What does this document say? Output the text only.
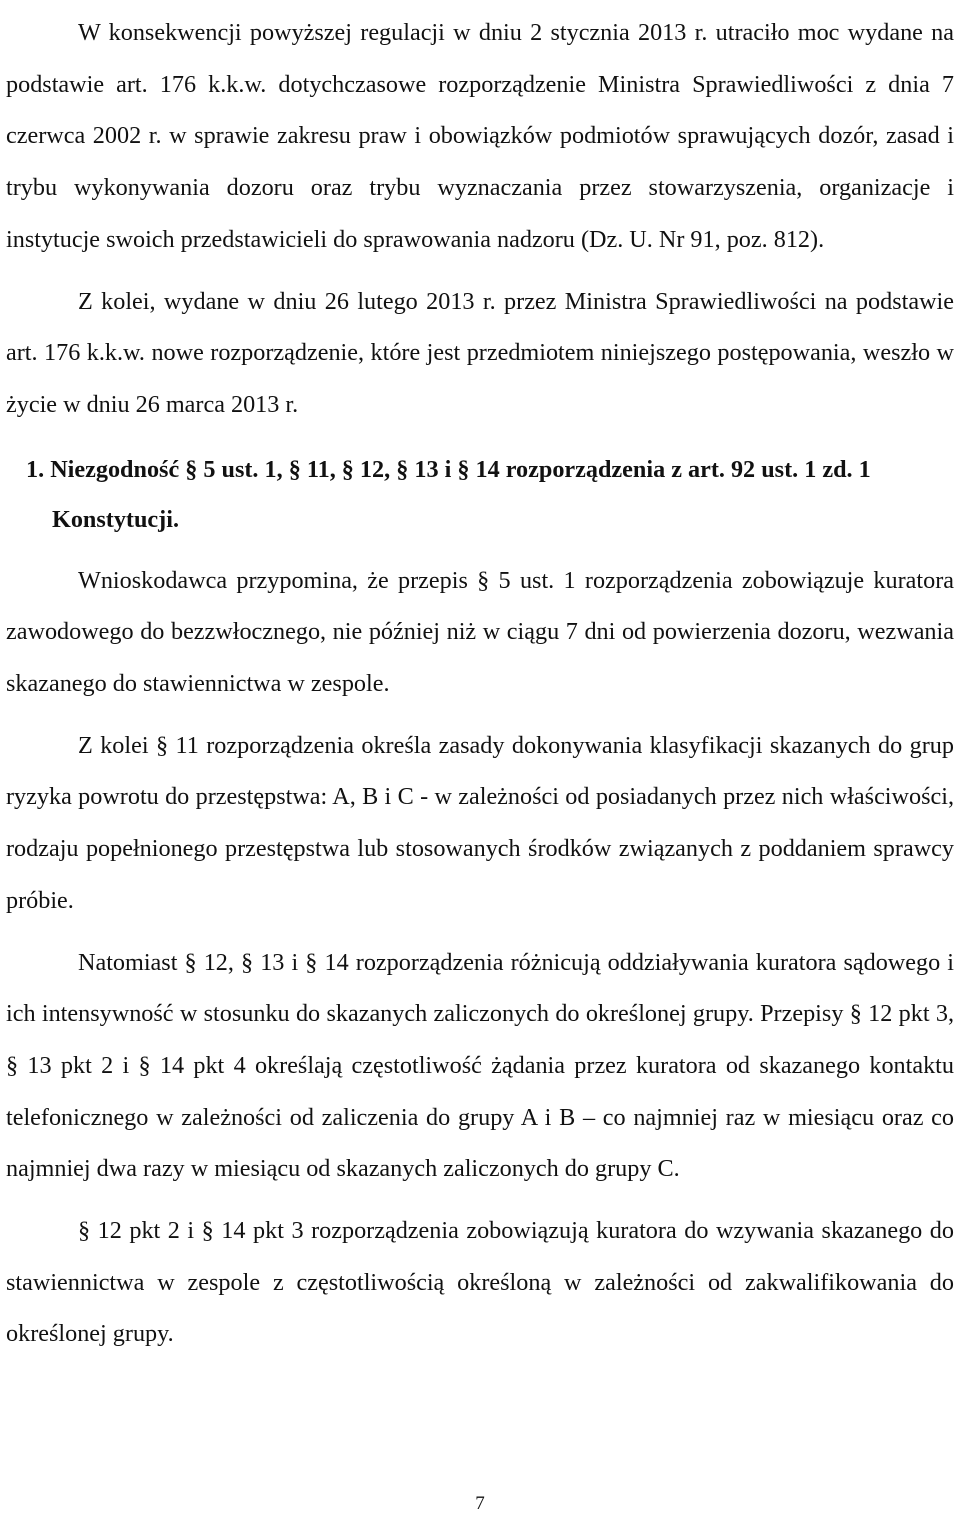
W konsekwencji powyższej regulacji w dniu 2 stycznia 2013 r. utraciło moc wydane na podstawie art. 176 k.k.w. dotychczasowe rozporządzenie Ministra Sprawiedliwości z dnia 7 czerwca 2002 r. w sprawie zakresu praw i obowiązków podmiotów sprawujących dozór, zasad i trybu wykonywania dozoru oraz trybu wyznaczania przez stowarzyszenia, organizacje i instytucje swoich przedstawicieli do sprawowania nadzoru (Dz. U. Nr 91, poz. 812).

Z kolei, wydane w dniu 26 lutego 2013 r. przez Ministra Sprawiedliwości na podstawie art. 176 k.k.w. nowe rozporządzenie, które jest przedmiotem niniejszego postępowania, weszło w życie w dniu 26 marca 2013 r.

1. Niezgodność § 5 ust. 1, § 11, § 12, § 13 i § 14 rozporządzenia z art. 92 ust. 1 zd. 1 Konstytucji.

Wnioskodawca przypomina, że przepis § 5 ust. 1 rozporządzenia zobowiązuje kuratora zawodowego do bezzwłocznego, nie później niż w ciągu 7 dni od powierzenia dozoru, wezwania skazanego do stawiennictwa w zespole.

Z kolei § 11 rozporządzenia określa zasady dokonywania klasyfikacji skazanych do grup ryzyka powrotu do przestępstwa: A, B i C - w zależności od posiadanych przez nich właściwości, rodzaju popełnionego przestępstwa lub stosowanych środków związanych z poddaniem sprawcy próbie.

Natomiast § 12, § 13 i § 14 rozporządzenia różnicują oddziaływania kuratora sądowego i ich intensywność w stosunku do skazanych zaliczonych do określonej grupy. Przepisy § 12 pkt 3, § 13 pkt 2 i § 14 pkt 4 określają częstotliwość żądania przez kuratora od skazanego kontaktu telefonicznego w zależności od zaliczenia do grupy A i B – co najmniej raz w miesiącu oraz co najmniej dwa razy w miesiącu od skazanych zaliczonych do grupy C.

§ 12 pkt 2 i § 14 pkt 3 rozporządzenia zobowiązują kuratora do wzywania skazanego do stawiennictwa w zespole z częstotliwością określoną w zależności od zakwalifikowania do określonej grupy.

7
